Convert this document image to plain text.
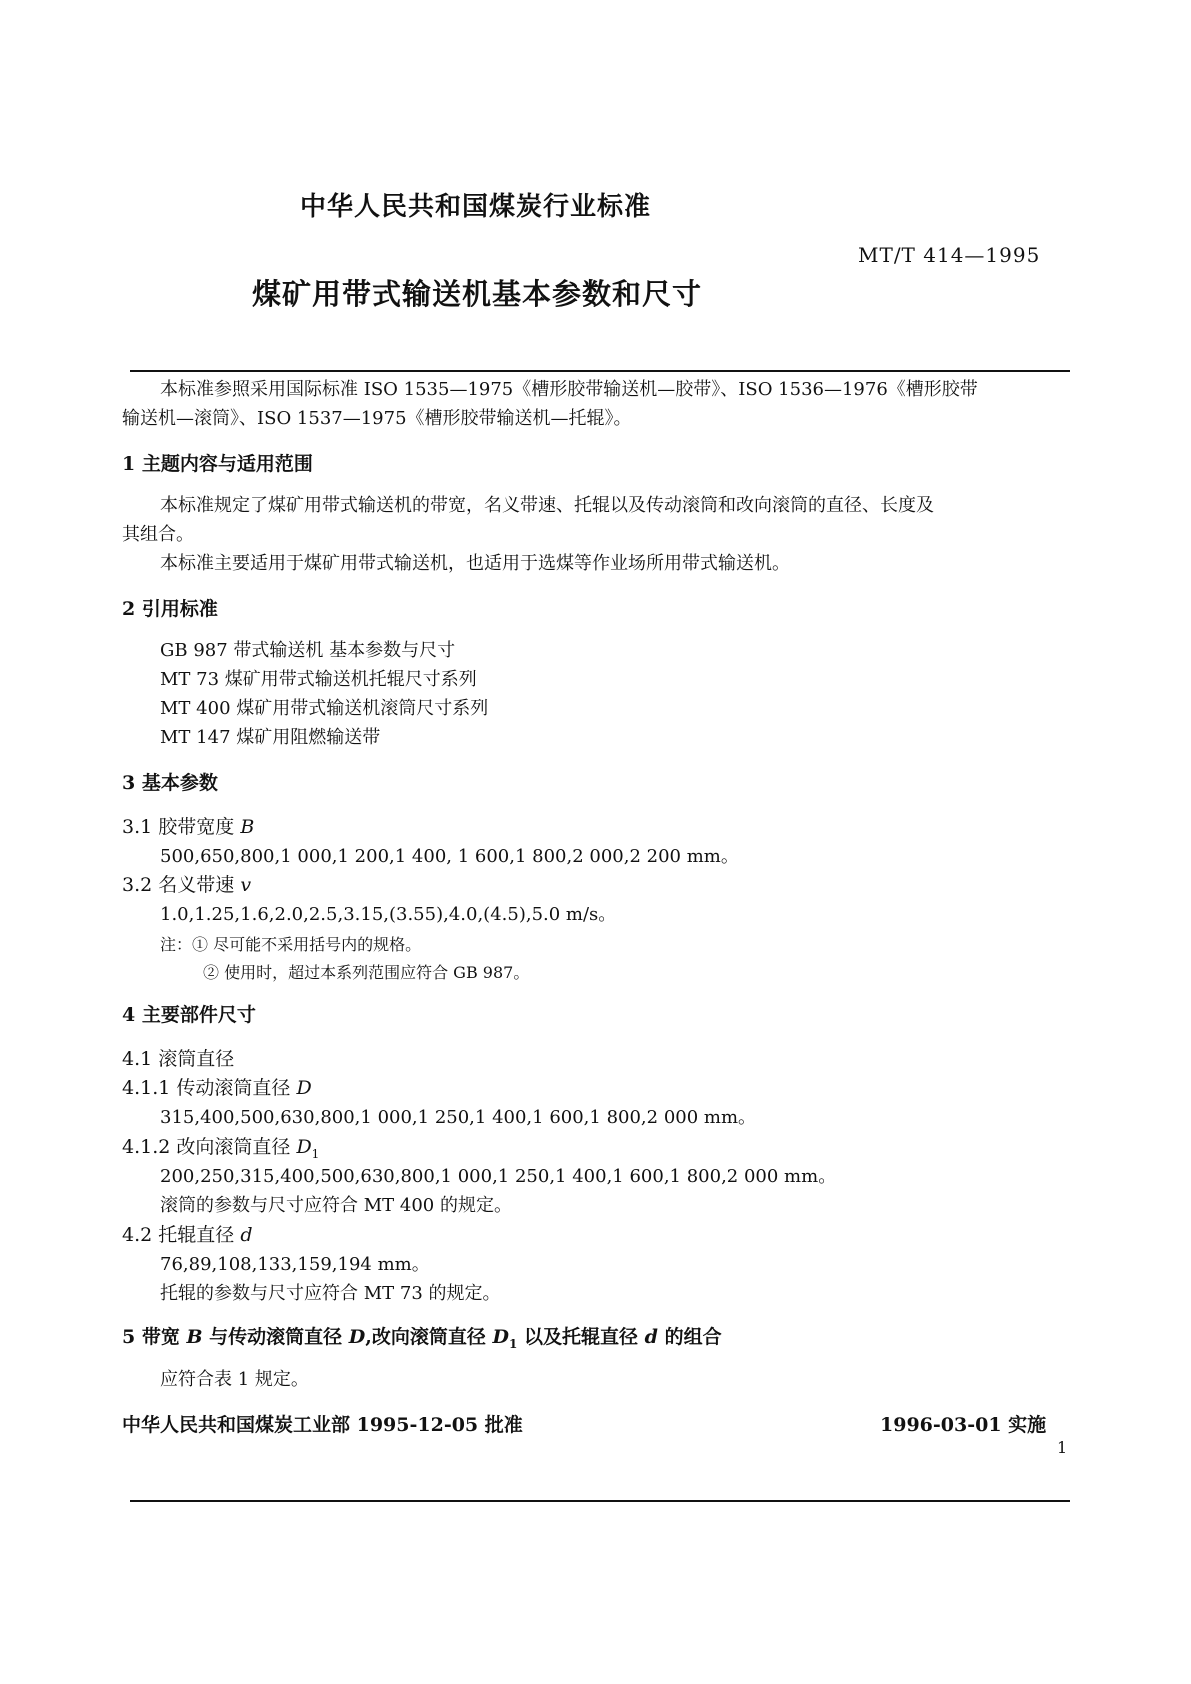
中华人民共和国煤炭行业标准
MT/T 414—1995
煤矿用带式输送机基本参数和尺寸
本标准参照采用国际标准 ISO 1535—1975《槽形胶带输送机—胶带》、ISO 1536—1976《槽形胶带
输送机—滚筒》、ISO 1537—1975《槽形胶带输送机—托辊》。
1 主题内容与适用范围
本标准规定了煤矿用带式输送机的带宽，名义带速、托辊以及传动滚筒和改向滚筒的直径、长度及
其组合。
本标准主要适用于煤矿用带式输送机，也适用于选煤等作业场所用带式输送机。
2 引用标准
GB 987 带式输送机 基本参数与尺寸
MT 73 煤矿用带式输送机托辊尺寸系列
MT 400 煤矿用带式输送机滚筒尺寸系列
MT 147 煤矿用阻燃输送带
3 基本参数
3.1 胶带宽度 B
500,650,800,1 000,1 200,1 400, 1 600,1 800,2 000,2 200 mm。
3.2 名义带速 v
1.0,1.25,1.6,2.0,2.5,3.15,(3.55),4.0,(4.5),5.0 m/s。
注：① 尽可能不采用括号内的规格。
② 使用时，超过本系列范围应符合 GB 987。
4 主要部件尺寸
4.1 滚筒直径
4.1.1 传动滚筒直径 D
315,400,500,630,800,1 000,1 250,1 400,1 600,1 800,2 000 mm。
4.1.2 改向滚筒直径 $D_1$
200,250,315,400,500,630,800,1 000,1 250,1 400,1 600,1 800,2 000 mm。
滚筒的参数与尺寸应符合 MT 400 的规定。
4.2 托辊直径 d
76,89,108,133,159,194 mm。
托辊的参数与尺寸应符合 MT 73 的规定。
5 带宽 B 与传动滚筒直径 D,改向滚筒直径 $D_1$ 以及托辊直径 d 的组合
应符合表 1 规定。
中华人民共和国煤炭工业部 1995-12-05 批准	1996-03-01 实施
1
